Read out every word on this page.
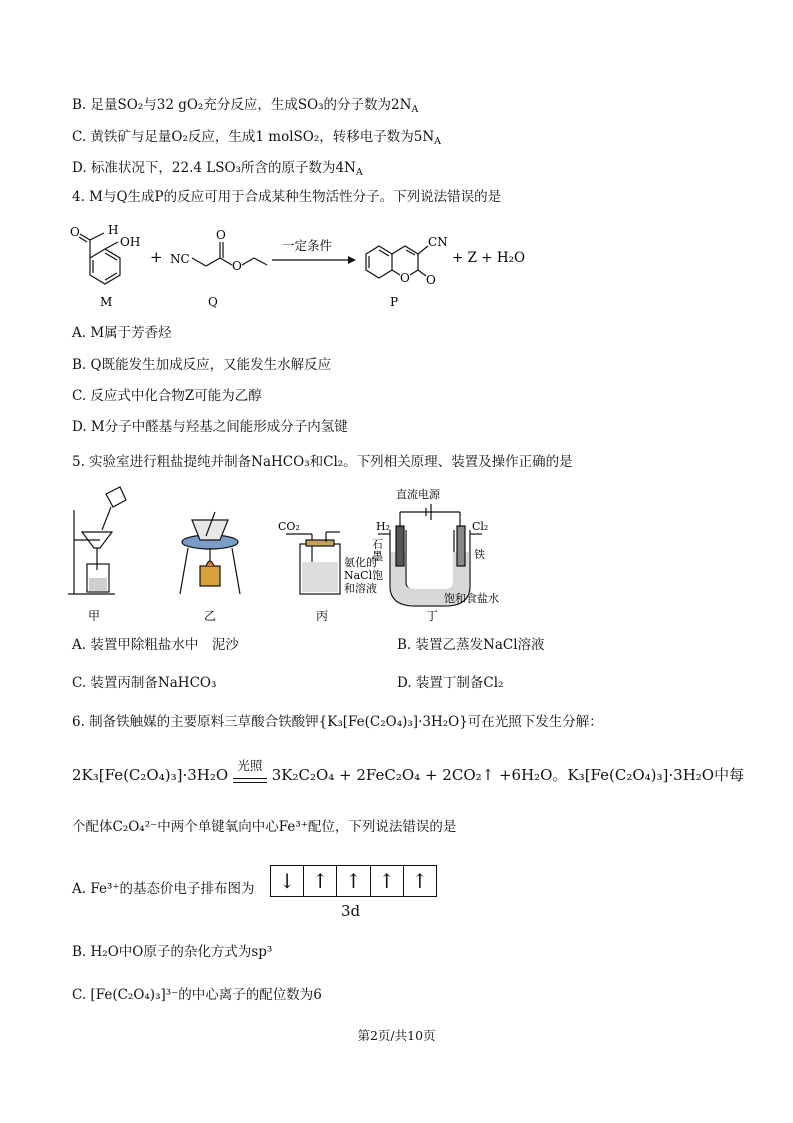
B. 足量SO₂与32 gO₂充分反应，生成SO₃的分子数为$2N_A$
C. 黄铁矿与足量O₂反应，生成1 molSO₂，转移电子数为$5N_A$
D. 标准状况下，22.4 LSO₃所含的原子数为$4N_A$
4. M与Q生成P的反应可用于合成某种生物活性分子。下列说法错误的是
O H
OH
M
+ NC
O
O
Q
一定条件	CN
O O
P
+ Z + H₂O
A. M属于芳香烃
B. Q既能发生加成反应，又能发生水解反应
C. 反应式中化合物Z可能为乙醇
D. M分子中醛基与羟基之间能形成分子内氢键
5. 实验室进行粗盐提纯并制备NaHCO₃和Cl₂。下列相关原理、装置及操作正确的是
甲	乙
CO₂
氨化的
NaCl饱
和溶液
丙
直流电源
H₂	Cl₂
石
墨	铁
饱和食盐水
丁
A. 装置甲除粗盐水中　泥沙	B. 装置乙蒸发NaCl溶液
C. 装置丙制备NaHCO₃	D. 装置丁制备Cl₂
6. 制备铁触媒的主要原料三草酸合铁酸钾{K₃[Fe(C₂O₄)₃]·3H₂O}可在光照下发生分解：
2K₃[Fe(C₂O₄)₃]·3H₂O
光照
3K₂C₂O₄ + 2FeC₂O₄ + 2CO₂↑ +6H₂O。K₃[Fe(C₂O₄)₃]·3H₂O中每
个配体C₂O₄²⁻中两个单键氧向中心Fe³⁺配位，下列说法错误的是
A. Fe³⁺的基态价电子排布图为	↓ ↑ ↑ ↑ ↑
3d
B. H₂O中O原子的杂化方式为sp³
C. [Fe(C₂O₄)₃]³⁻的中心离子的配位数为6
第2页/共10页
